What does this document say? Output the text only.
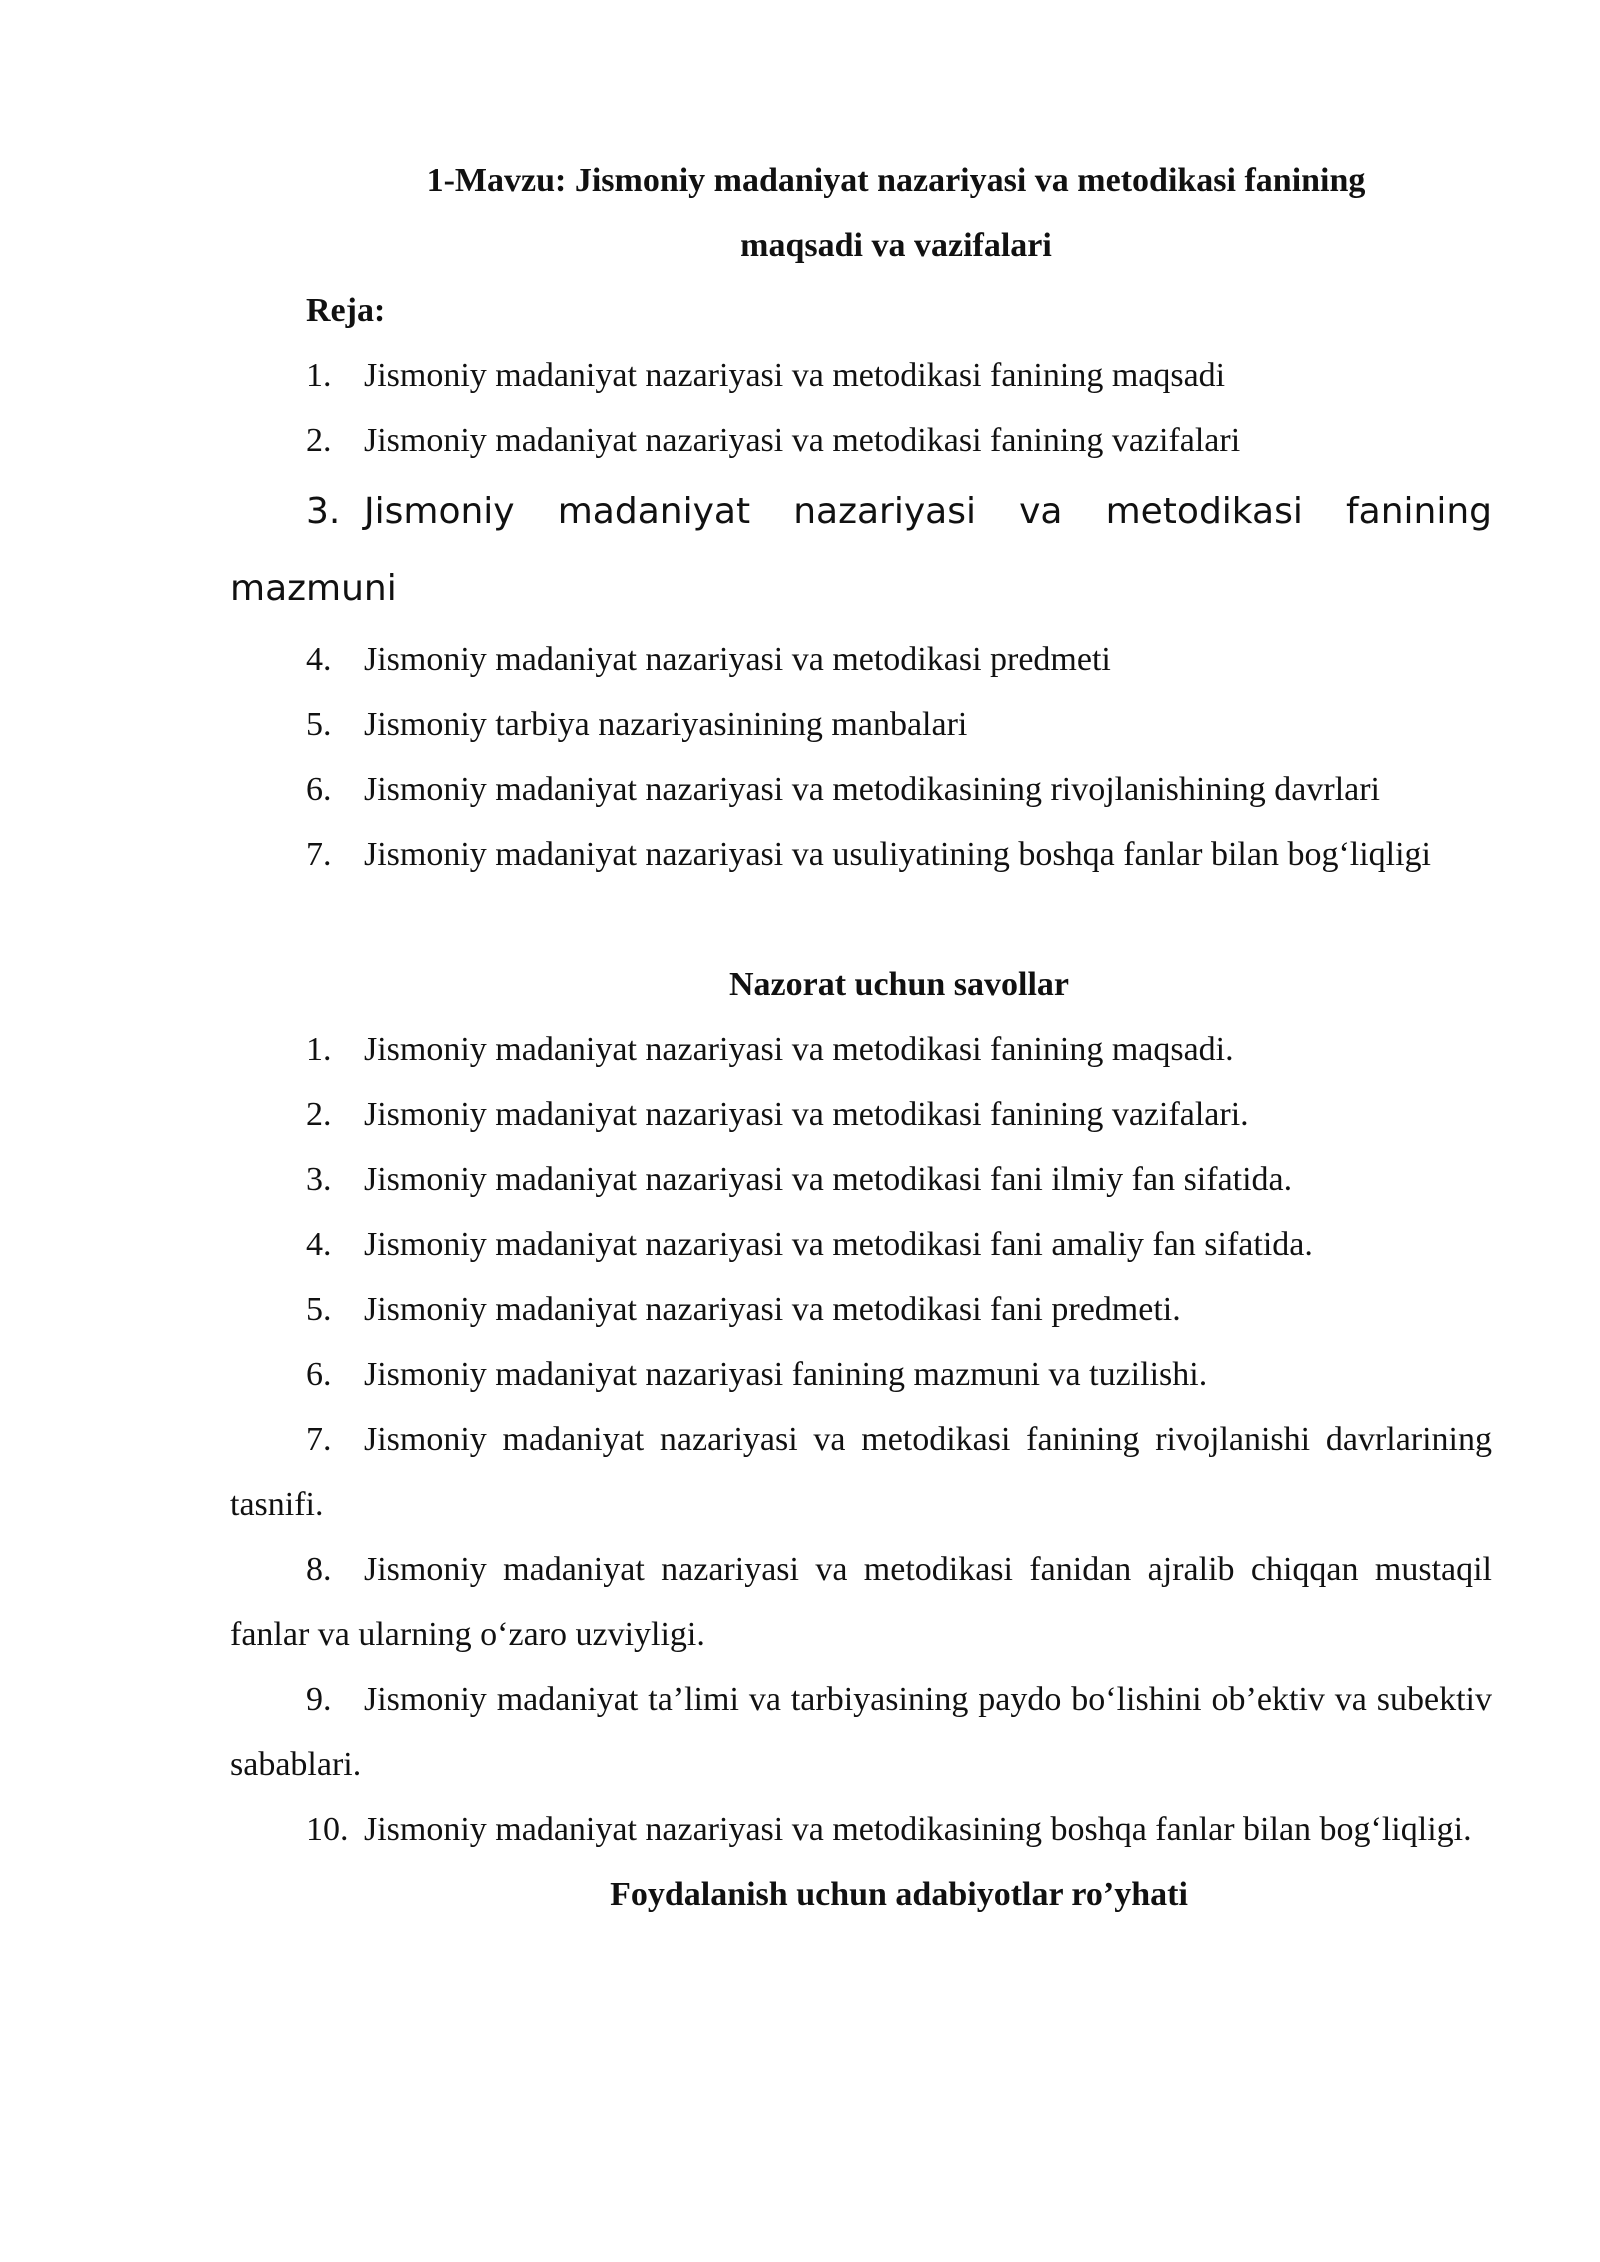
1-Mavzu: Jismoniy madaniyat nazariyasi va metodikasi fanining
maqsadi va vazifalari
Reja:
1. Jismoniy madaniyat nazariyasi va metodikasi fanining maqsadi
2. Jismoniy madaniyat nazariyasi va metodikasi fanining vazifalari
3. Jismoniy madaniyat nazariyasi va metodikasi fanining mazmuni
4. Jismoniy madaniyat nazariyasi va metodikasi predmeti
5. Jismoniy tarbiya nazariyasinining manbalari
6. Jismoniy madaniyat nazariyasi va metodikasining rivojlanishining davrlari
7. Jismoniy madaniyat nazariyasi va usuliyatining boshqa fanlar bilan bog‘liqligi
Nazorat uchun savollar
1. Jismoniy madaniyat nazariyasi va metodikasi fanining maqsadi.
2. Jismoniy madaniyat nazariyasi va metodikasi fanining vazifalari.
3. Jismoniy madaniyat nazariyasi va metodikasi fani ilmiy fan sifatida.
4. Jismoniy madaniyat nazariyasi va metodikasi fani amaliy fan sifatida.
5. Jismoniy madaniyat nazariyasi va metodikasi fani predmeti.
6. Jismoniy madaniyat nazariyasi fanining mazmuni va tuzilishi.
7. Jismoniy madaniyat nazariyasi va metodikasi fanining rivojlanishi davrlarining tasnifi.
8. Jismoniy madaniyat nazariyasi va metodikasi fanidan ajralib chiqqan mustaqil fanlar va ularning o‘zaro uzviyligi.
9. Jismoniy madaniyat ta’limi va tarbiyasining paydo bo‘lishini ob’ektiv va subektiv sabablari.
10. Jismoniy madaniyat nazariyasi va metodikasining boshqa fanlar bilan bog‘liqligi.
Foydalanish uchun adabiyotlar ro’yhati
